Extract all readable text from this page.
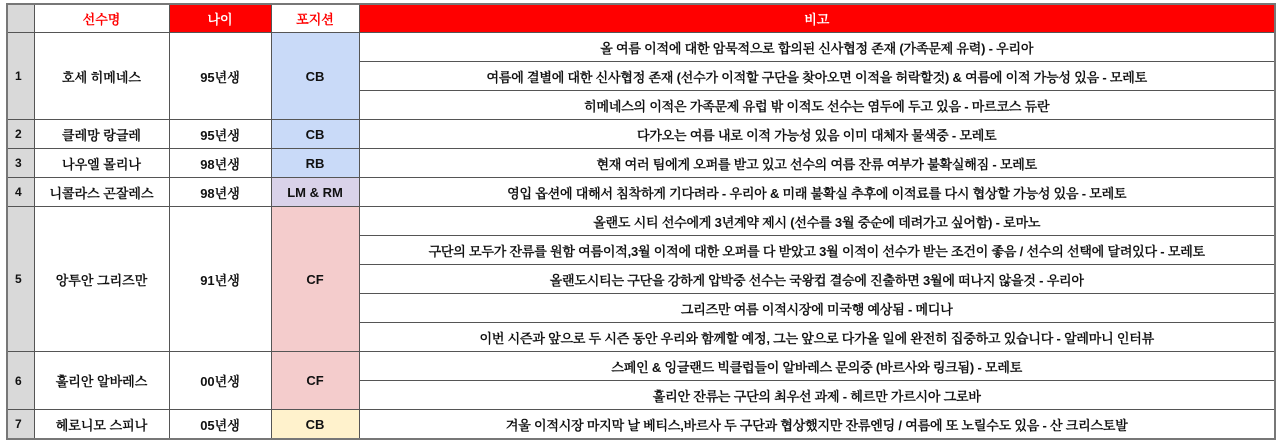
	선수명	나이	포지션	비고
1	호세 히메네스	95년생	CB	올 여름 이적에 대한 암묵적으로 합의된 신사협정 존재 (가족문제 유력) - 우리아
				여름에 결별에 대한 신사협정 존재 (선수가 이적할 구단을 찾아오면 이적을 허락할것) & 여름에 이적 가능성 있음 - 모레토
				히메네스의 이적은 가족문제 유럽 밖 이적도 선수는 염두에 두고 있음 - 마르코스 듀란
2	클레망 랑글레	95년생	CB	다가오는 여름 내로 이적 가능성 있음 이미 대체자 물색중 - 모레토
3	나우엘 몰리나	98년생	RB	현재 여러 팀에게 오퍼를 받고 있고 선수의 여름 잔류 여부가 불확실해짐 - 모레토
4	니콜라스 곤잘레스	98년생	LM & RM	영입 옵션에 대해서 침착하게 기다려라 - 우리아 & 미래 불확실 추후에 이적료를 다시 협상할 가능성 있음 - 모레토
5	앙투안 그리즈만	91년생	CF	올랜도 시티 선수에게 3년계약 제시 (선수를 3월 중순에 데려가고 싶어함) - 로마노
				구단의 모두가 잔류를 원함 여름이적,3월 이적에 대한 오퍼를 다 받았고 3월 이적이 선수가 받는 조건이 좋음 / 선수의 선택에 달려있다 - 모레토
				올랜도시티는 구단을 강하게 압박중 선수는 국왕컵 결승에 진출하면 3월에 떠나지 않을것 - 우리아
				그리즈만 여름 이적시장에 미국행 예상됨 - 메디나
				이번 시즌과 앞으로 두 시즌 동안 우리와 함께할 예정, 그는 앞으로 다가올 일에 완전히 집중하고 있습니다 - 알레마니 인터뷰
6	훌리안 알바레스	00년생	CF	스페인 & 잉글랜드 빅클럽들이 알바레스 문의중 (바르사와 링크됨) - 모레토
				훌리안 잔류는 구단의 최우선 과제 - 헤르만 가르시아 그로바
7	헤로니모 스피나	05년생	CB	겨울 이적시장 마지막 날 베티스,바르사 두 구단과 협상했지만 잔류엔딩 / 여름에 또 노릴수도 있음 - 산 크리스토발
